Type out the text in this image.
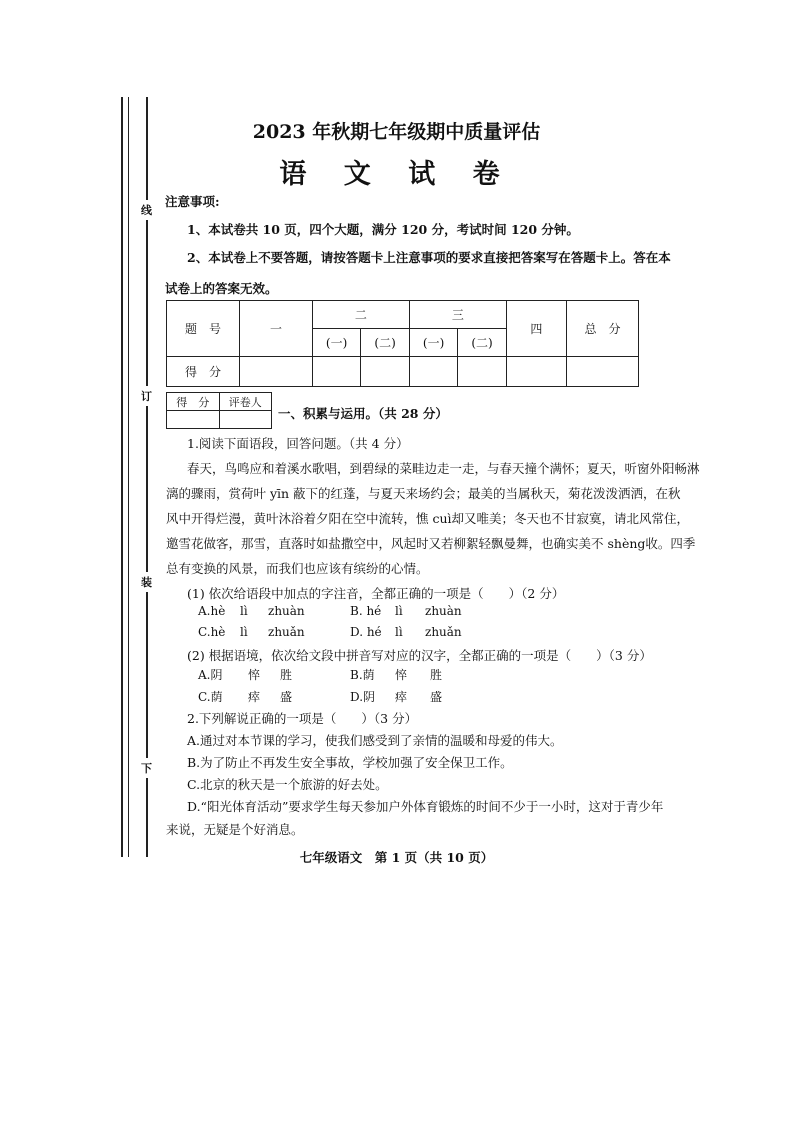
线
订
装
下
2023 年秋期七年级期中质量评估
语 文 试 卷
注意事项:
1、本试卷共 10 页，四个大题，满分 120 分，考试时间 120 分钟。
2、本试卷上不要答题，请按答题卡上注意事项的要求直接把答案写在答题卡上。答在本
试卷上的答案无效。
题　号	一	二		三		四	总　分
		(一)	(二)	(一)	(二)		
得　分							
得　分	评卷人

一、积累与运用。（共 28 分）
1.阅读下面语段，回答问题。（共 4 分）
春天，鸟鸣应和着溪水歌唱，到碧绿的菜畦边走一走，与春天撞个满怀；夏天，听窗外阳畅淋
漓的骤雨，赏荷叶 yīn 蔽下的红蓬，与夏天来场约会；最美的当属秋天，菊花泼泼洒洒，在秋
风中开得烂漫，黄叶沐浴着夕阳在空中流转，憔 cuì却又唯美；冬天也不甘寂寞，请北风常住，
邀雪花做客，那雪，直落时如盐撒空中，风起时又若柳絮轻飘曼舞，也确实美不 shèng收。四季
总有变换的风景，而我们也应该有缤纷的心情。
(1) 依次给语段中加点的字注音，全都正确的一项是（　　）（2 分）
A.hè lì zhuàn	B. hé lì zhuàn
C.hè lì zhuǎn	D. hé lì zhuǎn
(2) 根据语境，依次给文段中拼音写对应的汉字，全都正确的一项是（　　）（3 分）
A.阴 悴 胜	B.荫 悴 胜
C.荫 瘁 盛	D.阴 瘁 盛
2.下列解说正确的一项是（　　）（3 分）
A.通过对本节课的学习，使我们感受到了亲情的温暖和母爱的伟大。
B.为了防止不再发生安全事故，学校加强了安全保卫工作。
C.北京的秋天是一个旅游的好去处。
D.“阳光体育活动”要求学生每天参加户外体育锻炼的时间不少于一小时，这对于青少年
来说，无疑是个好消息。
七年级语文　第 1 页（共 10 页）
